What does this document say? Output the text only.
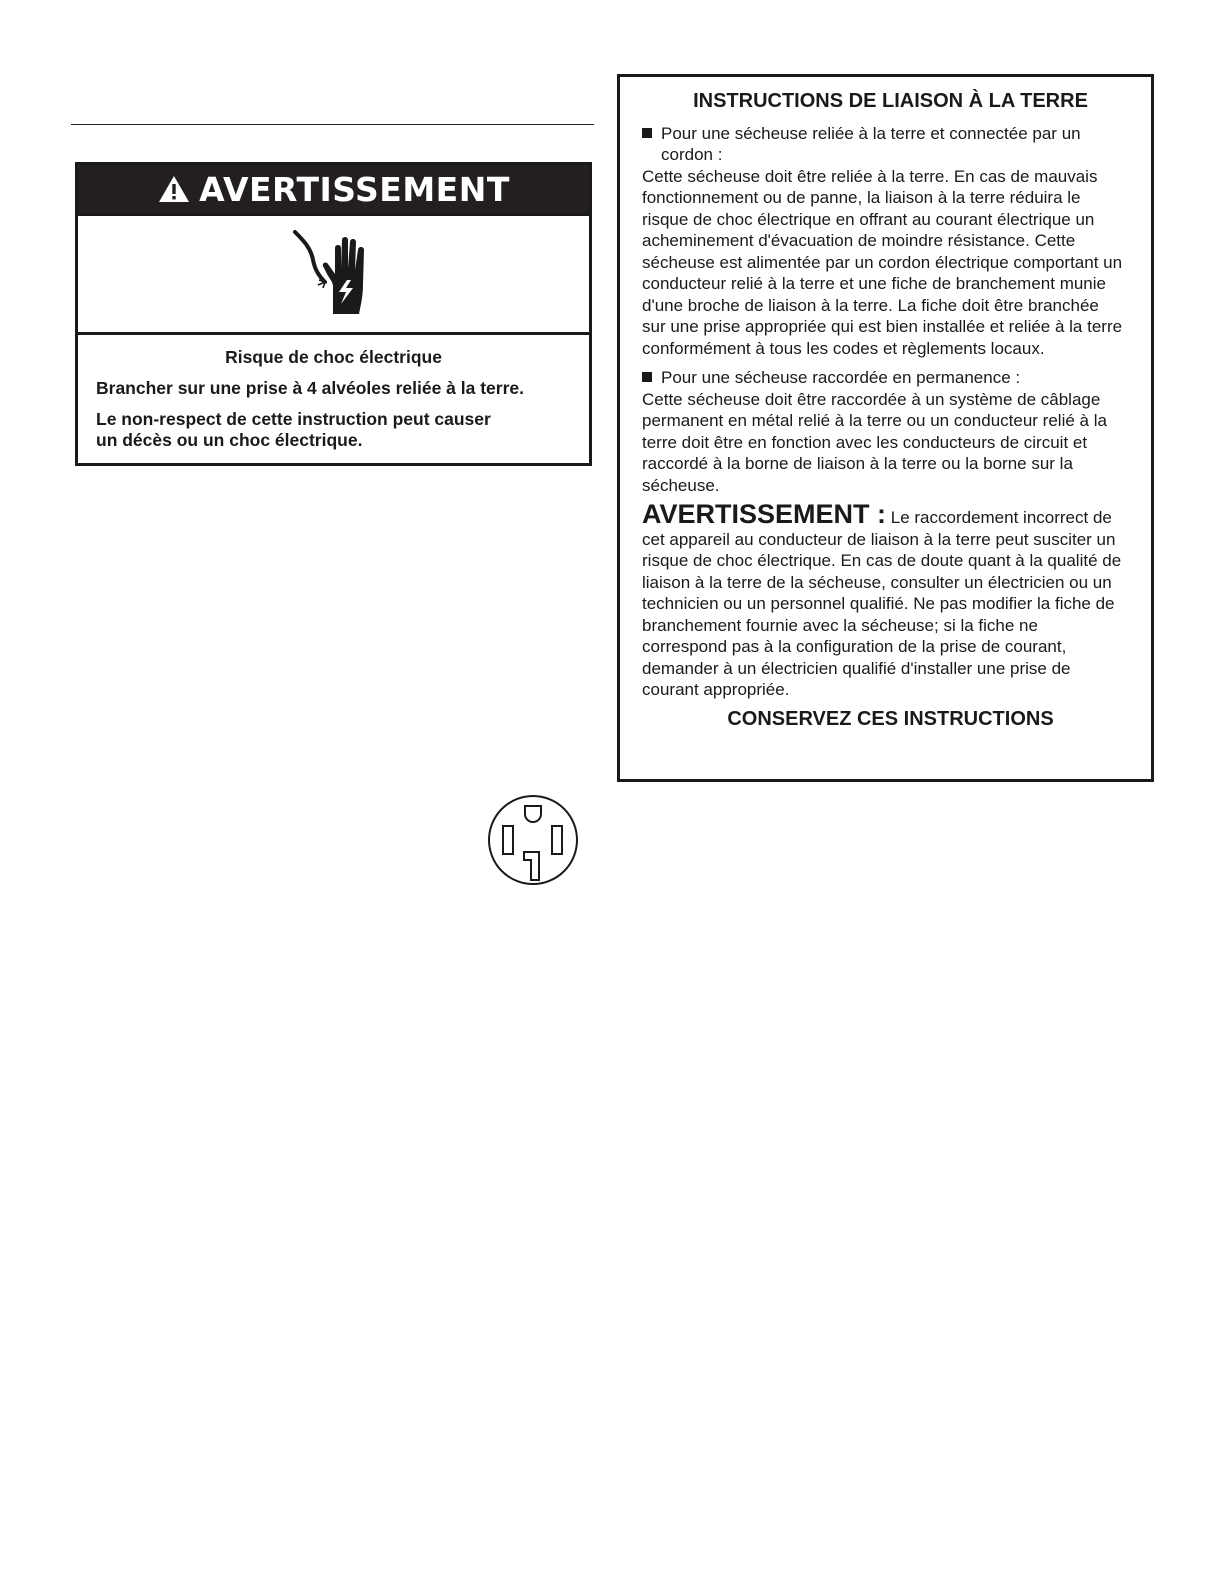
AVERTISSEMENT

Risque de choc électrique

Brancher sur une prise à 4 alvéoles reliée à la terre.

Le non-respect de cette instruction peut causer un décès ou un choc électrique.

INSTRUCTIONS DE LIAISON À LA TERRE
Pour une sécheuse reliée à la terre et connectée par un cordon :

Cette sécheuse doit être reliée à la terre. En cas de mauvais fonctionnement ou de panne, la liaison à la terre réduira le risque de choc électrique en offrant au courant électrique un acheminement d'évacuation de moindre résistance. Cette sécheuse est alimentée par un cordon électrique comportant un conducteur relié à la terre et une fiche de branchement munie d'une broche de liaison à la terre. La fiche doit être branchée sur une prise appropriée qui est bien installée et reliée à la terre conformément à tous les codes et règlements locaux.

Pour une sécheuse raccordée en permanence :

Cette sécheuse doit être raccordée à un système de câblage permanent en métal relié à la terre ou un conducteur relié à la terre doit être en fonction avec les conducteurs de circuit et raccordé à la borne de liaison à la terre ou la borne sur la sécheuse.

AVERTISSEMENT : Le raccordement incorrect de cet appareil au conducteur de liaison à la terre peut susciter un risque de choc électrique. En cas de doute quant à la qualité de liaison à la terre de la sécheuse, consulter un électricien ou un technicien ou un personnel qualifié. Ne pas modifier la fiche de branchement fournie avec la sécheuse; si la fiche ne correspond pas à la configuration de la prise de courant, demander à un électricien qualifié d'installer une prise de courant appropriée.

CONSERVEZ CES INSTRUCTIONS
